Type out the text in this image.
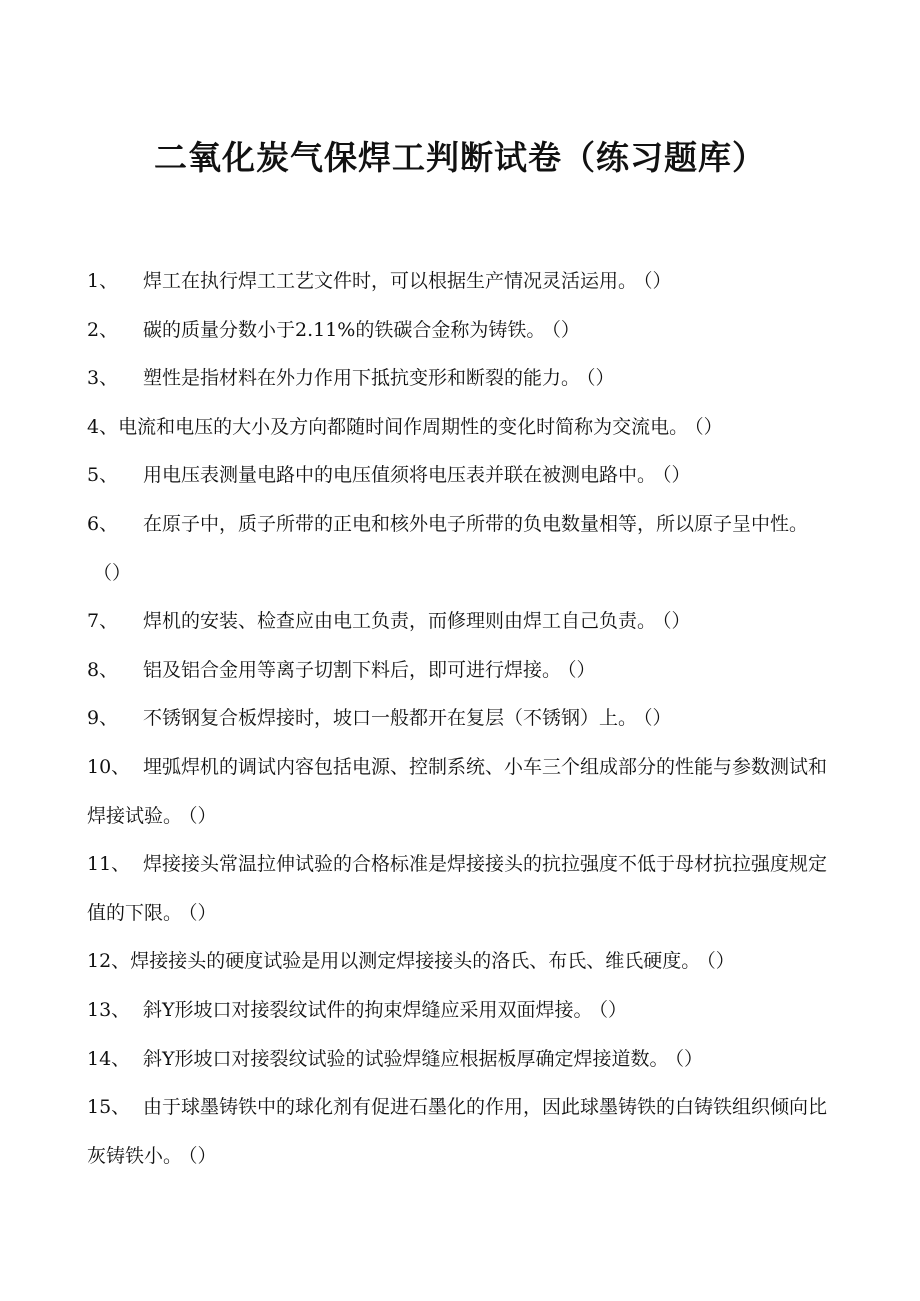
二氧化炭气保焊工判断试卷（练习题库）
1、 焊工在执行焊工工艺文件时，可以根据生产情况灵活运用。 （）
2、 碳的质量分数小于2.11%的铁碳合金称为铸铁。 （）
3、 塑性是指材料在外力作用下抵抗变形和断裂的能力。 （）
4、电流和电压的大小及方向都随时间作周期性的变化时简称为交流电。 （）
5、 用电压表测量电路中的电压值须将电压表并联在被测电路中。 （）
6、 在原子中，质子所带的正电和核外电子所带的负电数量相等，所以原子呈中性。（）
7、 焊机的安装、检查应由电工负责，而修理则由焊工自己负责。 （）
8、 铝及铝合金用等离子切割下料后，即可进行焊接。 （）
9、 不锈钢复合板焊接时，坡口一般都开在复层（不锈钢）上。 （）
10、 埋弧焊机的调试内容包括电源、控制系统、小车三个组成部分的性能与参数测试和焊接试验。 （）
11、 焊接接头常温拉伸试验的合格标准是焊接接头的抗拉强度不低于母材抗拉强度规定值的下限。 （）
12、焊接接头的硬度试验是用以测定焊接接头的洛氏、布氏、维氏硬度。 （）
13、 斜Y形坡口对接裂纹试件的拘束焊缝应采用双面焊接。 （）
14、 斜Y形坡口对接裂纹试验的试验焊缝应根据板厚确定焊接道数。 （）
15、 由于球墨铸铁中的球化剂有促进石墨化的作用，因此球墨铸铁的白铸铁组织倾向比灰铸铁小。 （）
